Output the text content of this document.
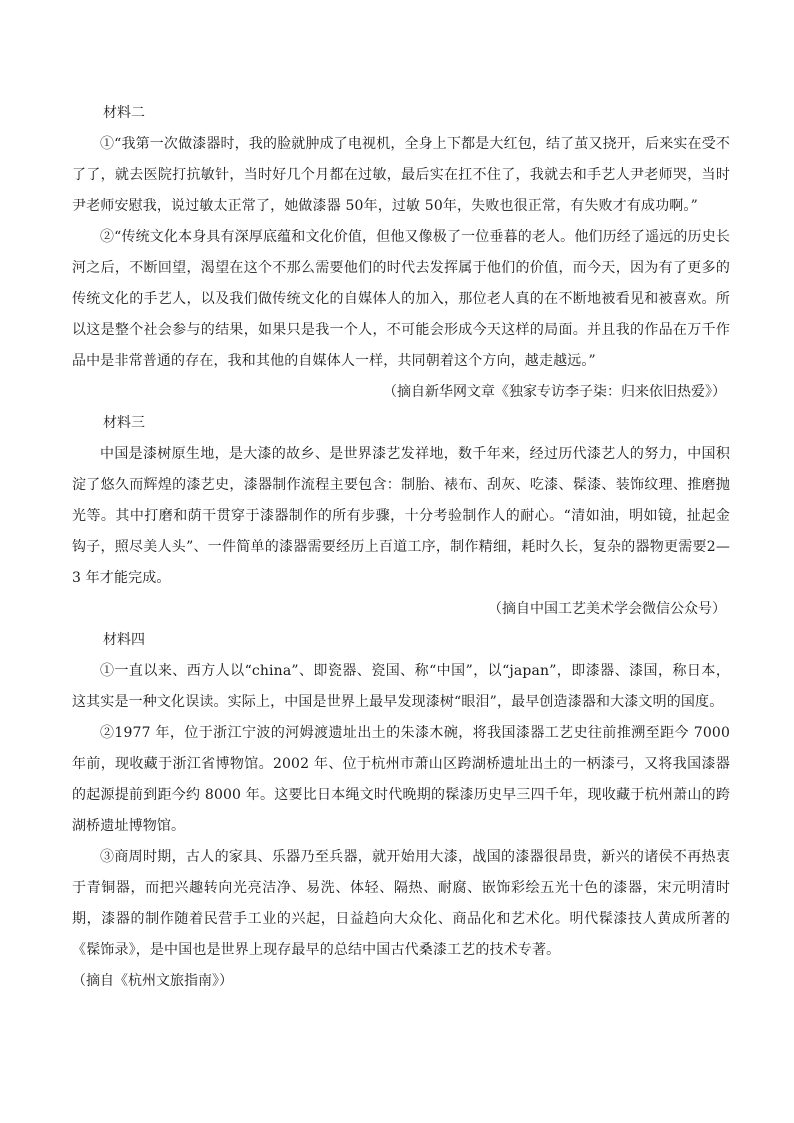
材料二

①“我第一次做漆器时，我的脸就肿成了电视机，全身上下都是大红包，结了茧又挠开，后来实在受不了了，就去医院打抗敏针，当时好几个月都在过敏，最后实在扛不住了，我就去和手艺人尹老师哭，当时尹老师安慰我，说过敏太正常了，她做漆器 50年，过敏 50年，失败也很正常，有失败才有成功啊。”

②“传统文化本身具有深厚底蕴和文化价值，但他又像极了一位垂暮的老人。他们历经了遥远的历史长河之后，不断回望，渴望在这个不那么需要他们的时代去发挥属于他们的价值，而今天，因为有了更多的传统文化的手艺人，以及我们做传统文化的自媒体人的加入，那位老人真的在不断地被看见和被喜欢。所以这是整个社会参与的结果，如果只是我一个人，不可能会形成今天这样的局面。并且我的作品在万千作品中是非常普通的存在，我和其他的自媒体人一样，共同朝着这个方向，越走越远。”

（摘自新华网文章《独家专访李子柒：归来依旧热爱》）

材料三

中国是漆树原生地，是大漆的故乡、是世界漆艺发祥地，数千年来，经过历代漆艺人的努力，中国积淀了悠久而辉煌的漆艺史，漆器制作流程主要包含：制胎、裱布、刮灰、吃漆、髹漆、装饰纹理、推磨抛光等。其中打磨和荫干贯穿于漆器制作的所有步骤，十分考验制作人的耐心。“清如油，明如镜，扯起金钩子，照尽美人头”、一件简单的漆器需要经历上百道工序，制作精细，耗时久长，复杂的器物更需要2—3 年才能完成。

（摘自中国工艺美术学会微信公众号）

材料四

①一直以来、西方人以“china”、即瓷器、瓷国、称“中国”，以“japan”，即漆器、漆国，称日本，这其实是一种文化误读。实际上，中国是世界上最早发现漆树“眼泪”，最早创造漆器和大漆文明的国度。

②1977 年，位于浙江宁波的河姆渡遗址出土的朱漆木碗，将我国漆器工艺史往前推溯至距今 7000年前，现收藏于浙江省博物馆。2002 年、位于杭州市萧山区跨湖桥遗址出土的一柄漆弓，又将我国漆器的起源提前到距今约 8000 年。这要比日本绳文时代晚期的髹漆历史早三四千年，现收藏于杭州萧山的跨湖桥遗址博物馆。

③商周时期，古人的家具、乐器乃至兵器，就开始用大漆，战国的漆器很昂贵，新兴的诸侯不再热衷于青铜器，而把兴趣转向光亮洁净、易洗、体轻、隔热、耐腐、嵌饰彩绘五光十色的漆器，宋元明清时期，漆器的制作随着民营手工业的兴起，日益趋向大众化、商品化和艺术化。明代髹漆技人黄成所著的《髹饰录》，是中国也是世界上现存最早的总结中国古代桑漆工艺的技术专著。

（摘自《杭州文旅指南》）
